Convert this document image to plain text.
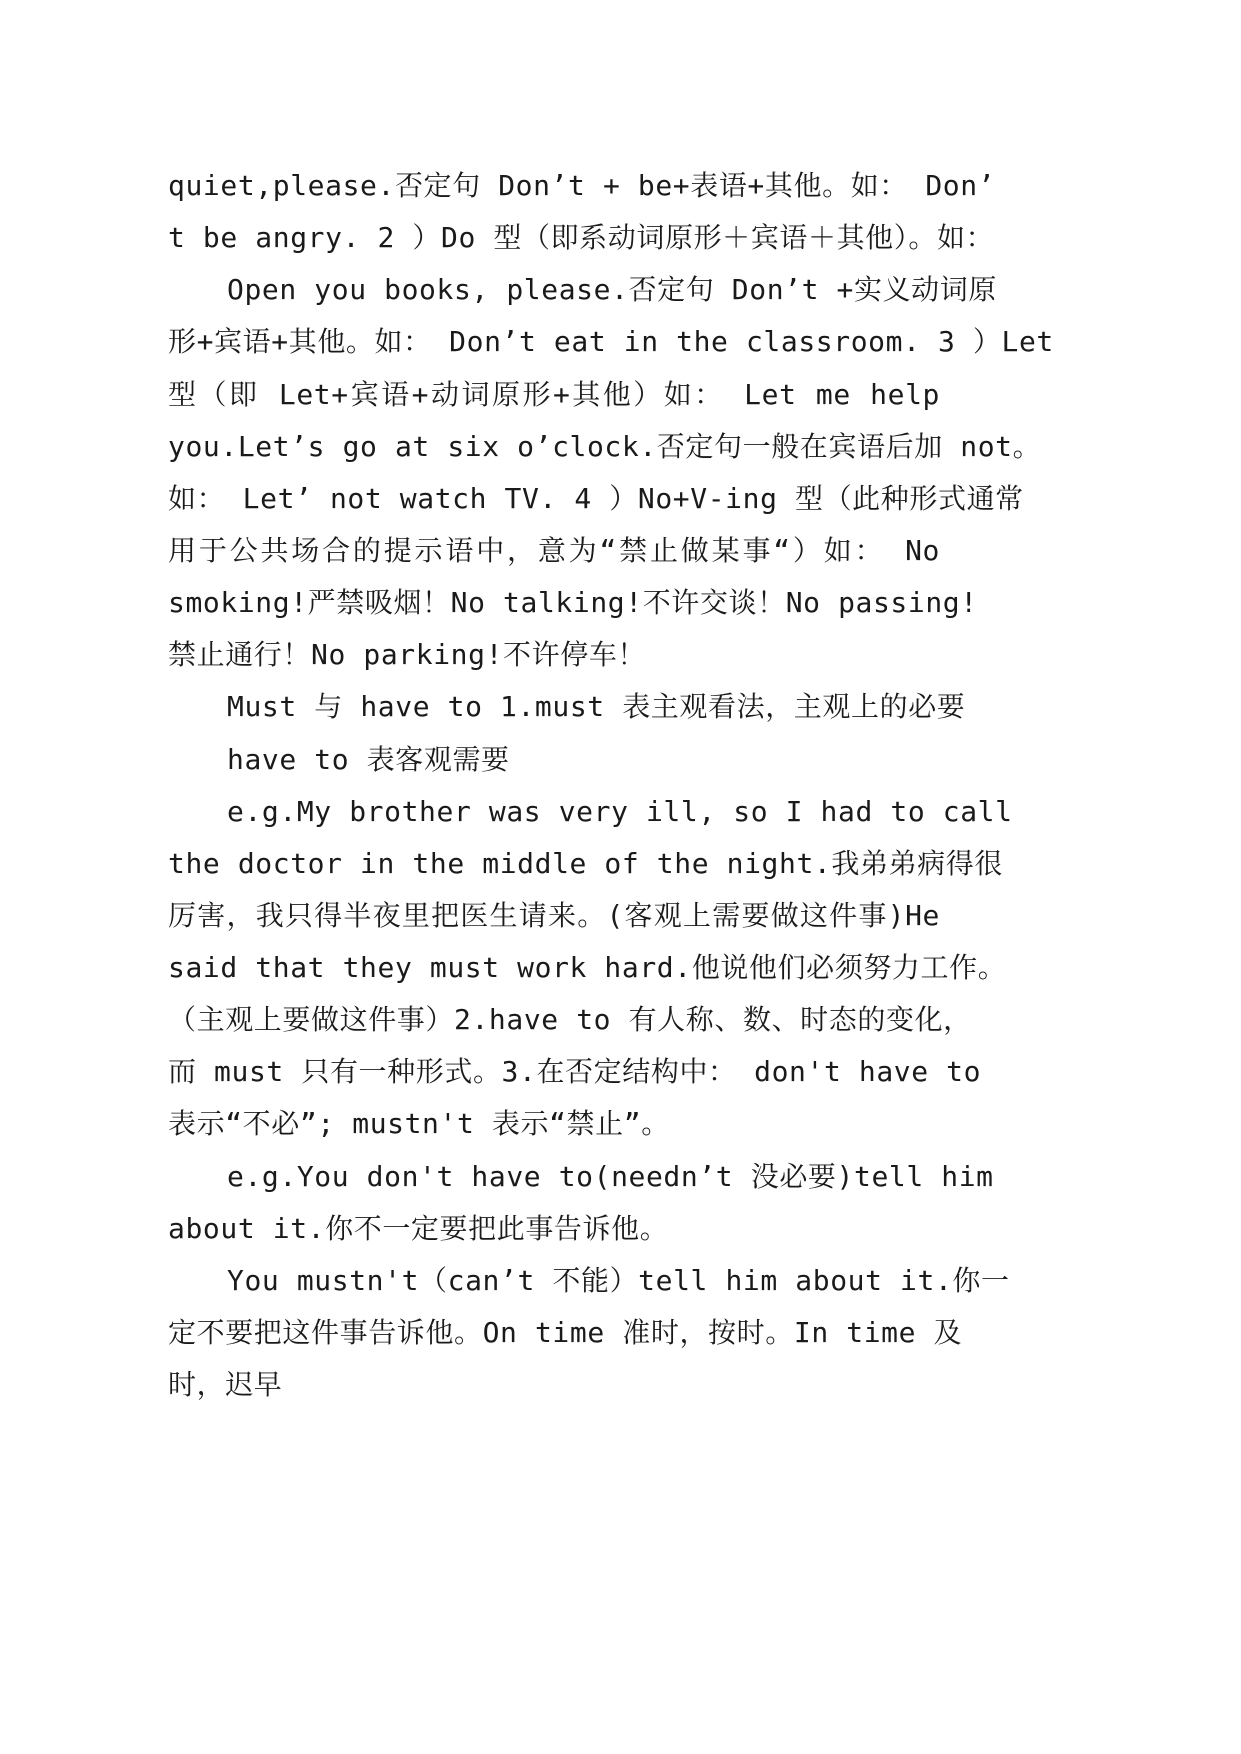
quiet,please.否定句 Don’t + be+表语+其他。如： Don’
t be angry. 2 ）Do 型（即系动词原形＋宾语＋其他）。如：
Open you books, please.否定句 Don’t +实义动词原
形+宾语+其他。如： Don’t eat in the classroom. 3 ）Let
型（即 Let+宾语+动词原形+其他）如： Let me help
you.Let’s go at six o’clock.否定句一般在宾语后加 not。
如： Let’ not watch TV. 4 ）No+V-ing 型（此种形式通常
用于公共场合的提示语中，意为“禁止做某事“）如： No
smoking!严禁吸烟！No talking!不许交谈！No passing!
禁止通行！No parking!不许停车！
Must 与 have to 1.must 表主观看法，主观上的必要
have to 表客观需要
e.g.My brother was very ill, so I had to call
the doctor in the middle of the night.我弟弟病得很
厉害，我只得半夜里把医生请来。(客观上需要做这件事)He
said that they must work hard.他说他们必须努力工作。
（主观上要做这件事）2.have to 有人称、数、时态的变化，
而 must 只有一种形式。3.在否定结构中： don't have to
表示“不必”; mustn't 表示“禁止”。
e.g.You don't have to(needn’t 没必要)tell him
about it.你不一定要把此事告诉他。
You mustn't（can’t 不能）tell him about it.你一
定不要把这件事告诉他。On time 准时，按时。In time 及
时，迟早
